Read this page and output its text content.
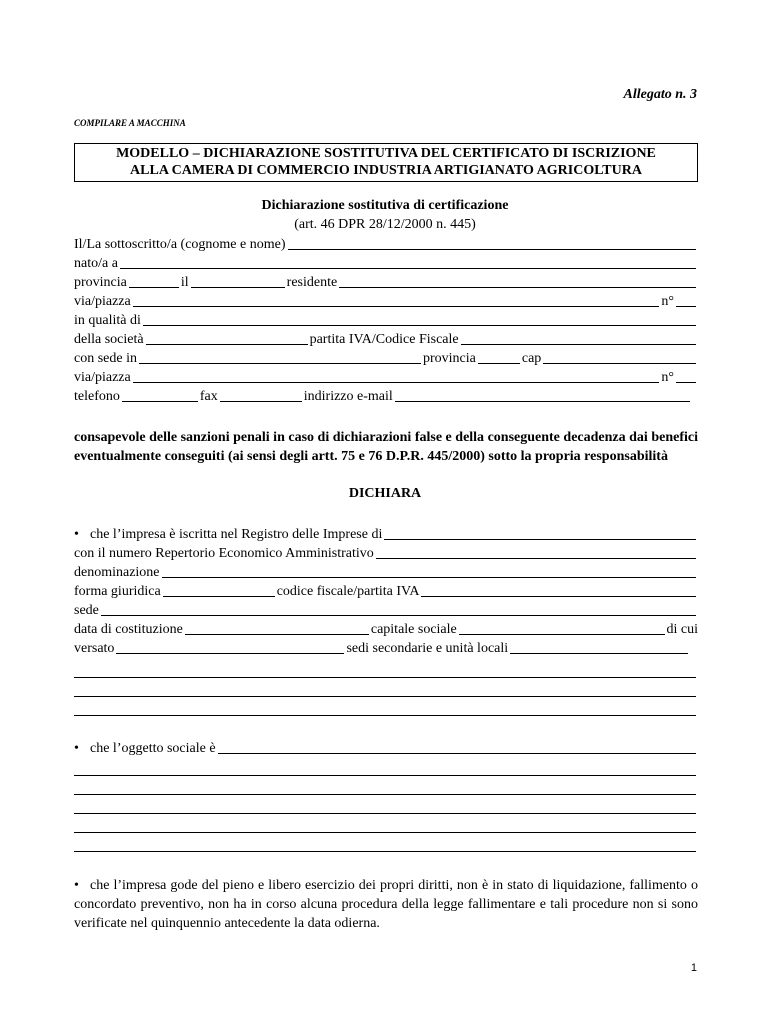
Allegato n. 3
COMPILARE A MACCHINA
MODELLO – DICHIARAZIONE SOSTITUTIVA DEL CERTIFICATO DI ISCRIZIONE
ALLA CAMERA DI COMMERCIO INDUSTRIA ARTIGIANATO AGRICOLTURA
Dichiarazione sostitutiva di certificazione
(art. 46 DPR 28/12/2000 n. 445)
Il/La sottoscritto/a (cognome e nome)
nato/a a
provincia	il	residente
via/piazza	n°
in qualità di
della società	partita IVA/Codice Fiscale
con sede in	provincia	cap
via/piazza	n°
telefono	fax	indirizzo e-mail
consapevole delle sanzioni penali in caso di dichiarazioni false e della conseguente decadenza dai benefici eventualmente conseguiti (ai sensi degli artt. 75 e 76 D.P.R. 445/2000) sotto la propria responsabilità
DICHIARA
• che l’impresa è iscritta nel Registro delle Imprese di
con il numero Repertorio Economico Amministrativo
denominazione
forma giuridica	codice fiscale/partita IVA
sede
data di costituzione	capitale sociale	di cui
versato	sedi secondarie e unità locali
• che l’oggetto sociale è
• che l’impresa gode del pieno e libero esercizio dei propri diritti, non è in stato di liquidazione, fallimento o concordato preventivo, non ha in corso alcuna procedura della legge fallimentare e tali procedure non si sono verificate nel quinquennio antecedente la data odierna.
1
